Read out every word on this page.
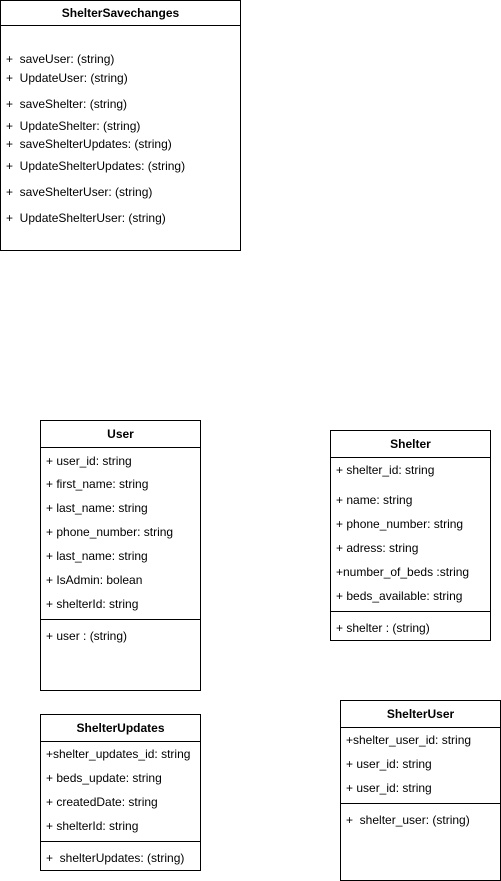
ShelterSavechanges
+  saveUser: (string)
+  UpdateUser: (string)
+  saveShelter: (string)
+  UpdateShelter: (string)
+  saveShelterUpdates: (string)
+  UpdateShelterUpdates: (string)
+  saveShelterUser: (string)
+  UpdateShelterUser: (string)
User
+ user_id: string
+ first_name: string
+ last_name: string
+ phone_number: string
+ last_name: string
+ IsAdmin: bolean
+ shelterId: string
+ user : (string)
Shelter
+ shelter_id: string
+ name: string
+ phone_number: string
+ adress: string
+number_of_beds :string
+ beds_available: string
+ shelter : (string)
ShelterUpdates
+shelter_updates_id: string
+ beds_update: string
+ createdDate: string
+ shelterId: string
+  shelterUpdates: (string)
ShelterUser
+shelter_user_id: string
+ user_id: string
+ user_id: string
+  shelter_user: (string)
